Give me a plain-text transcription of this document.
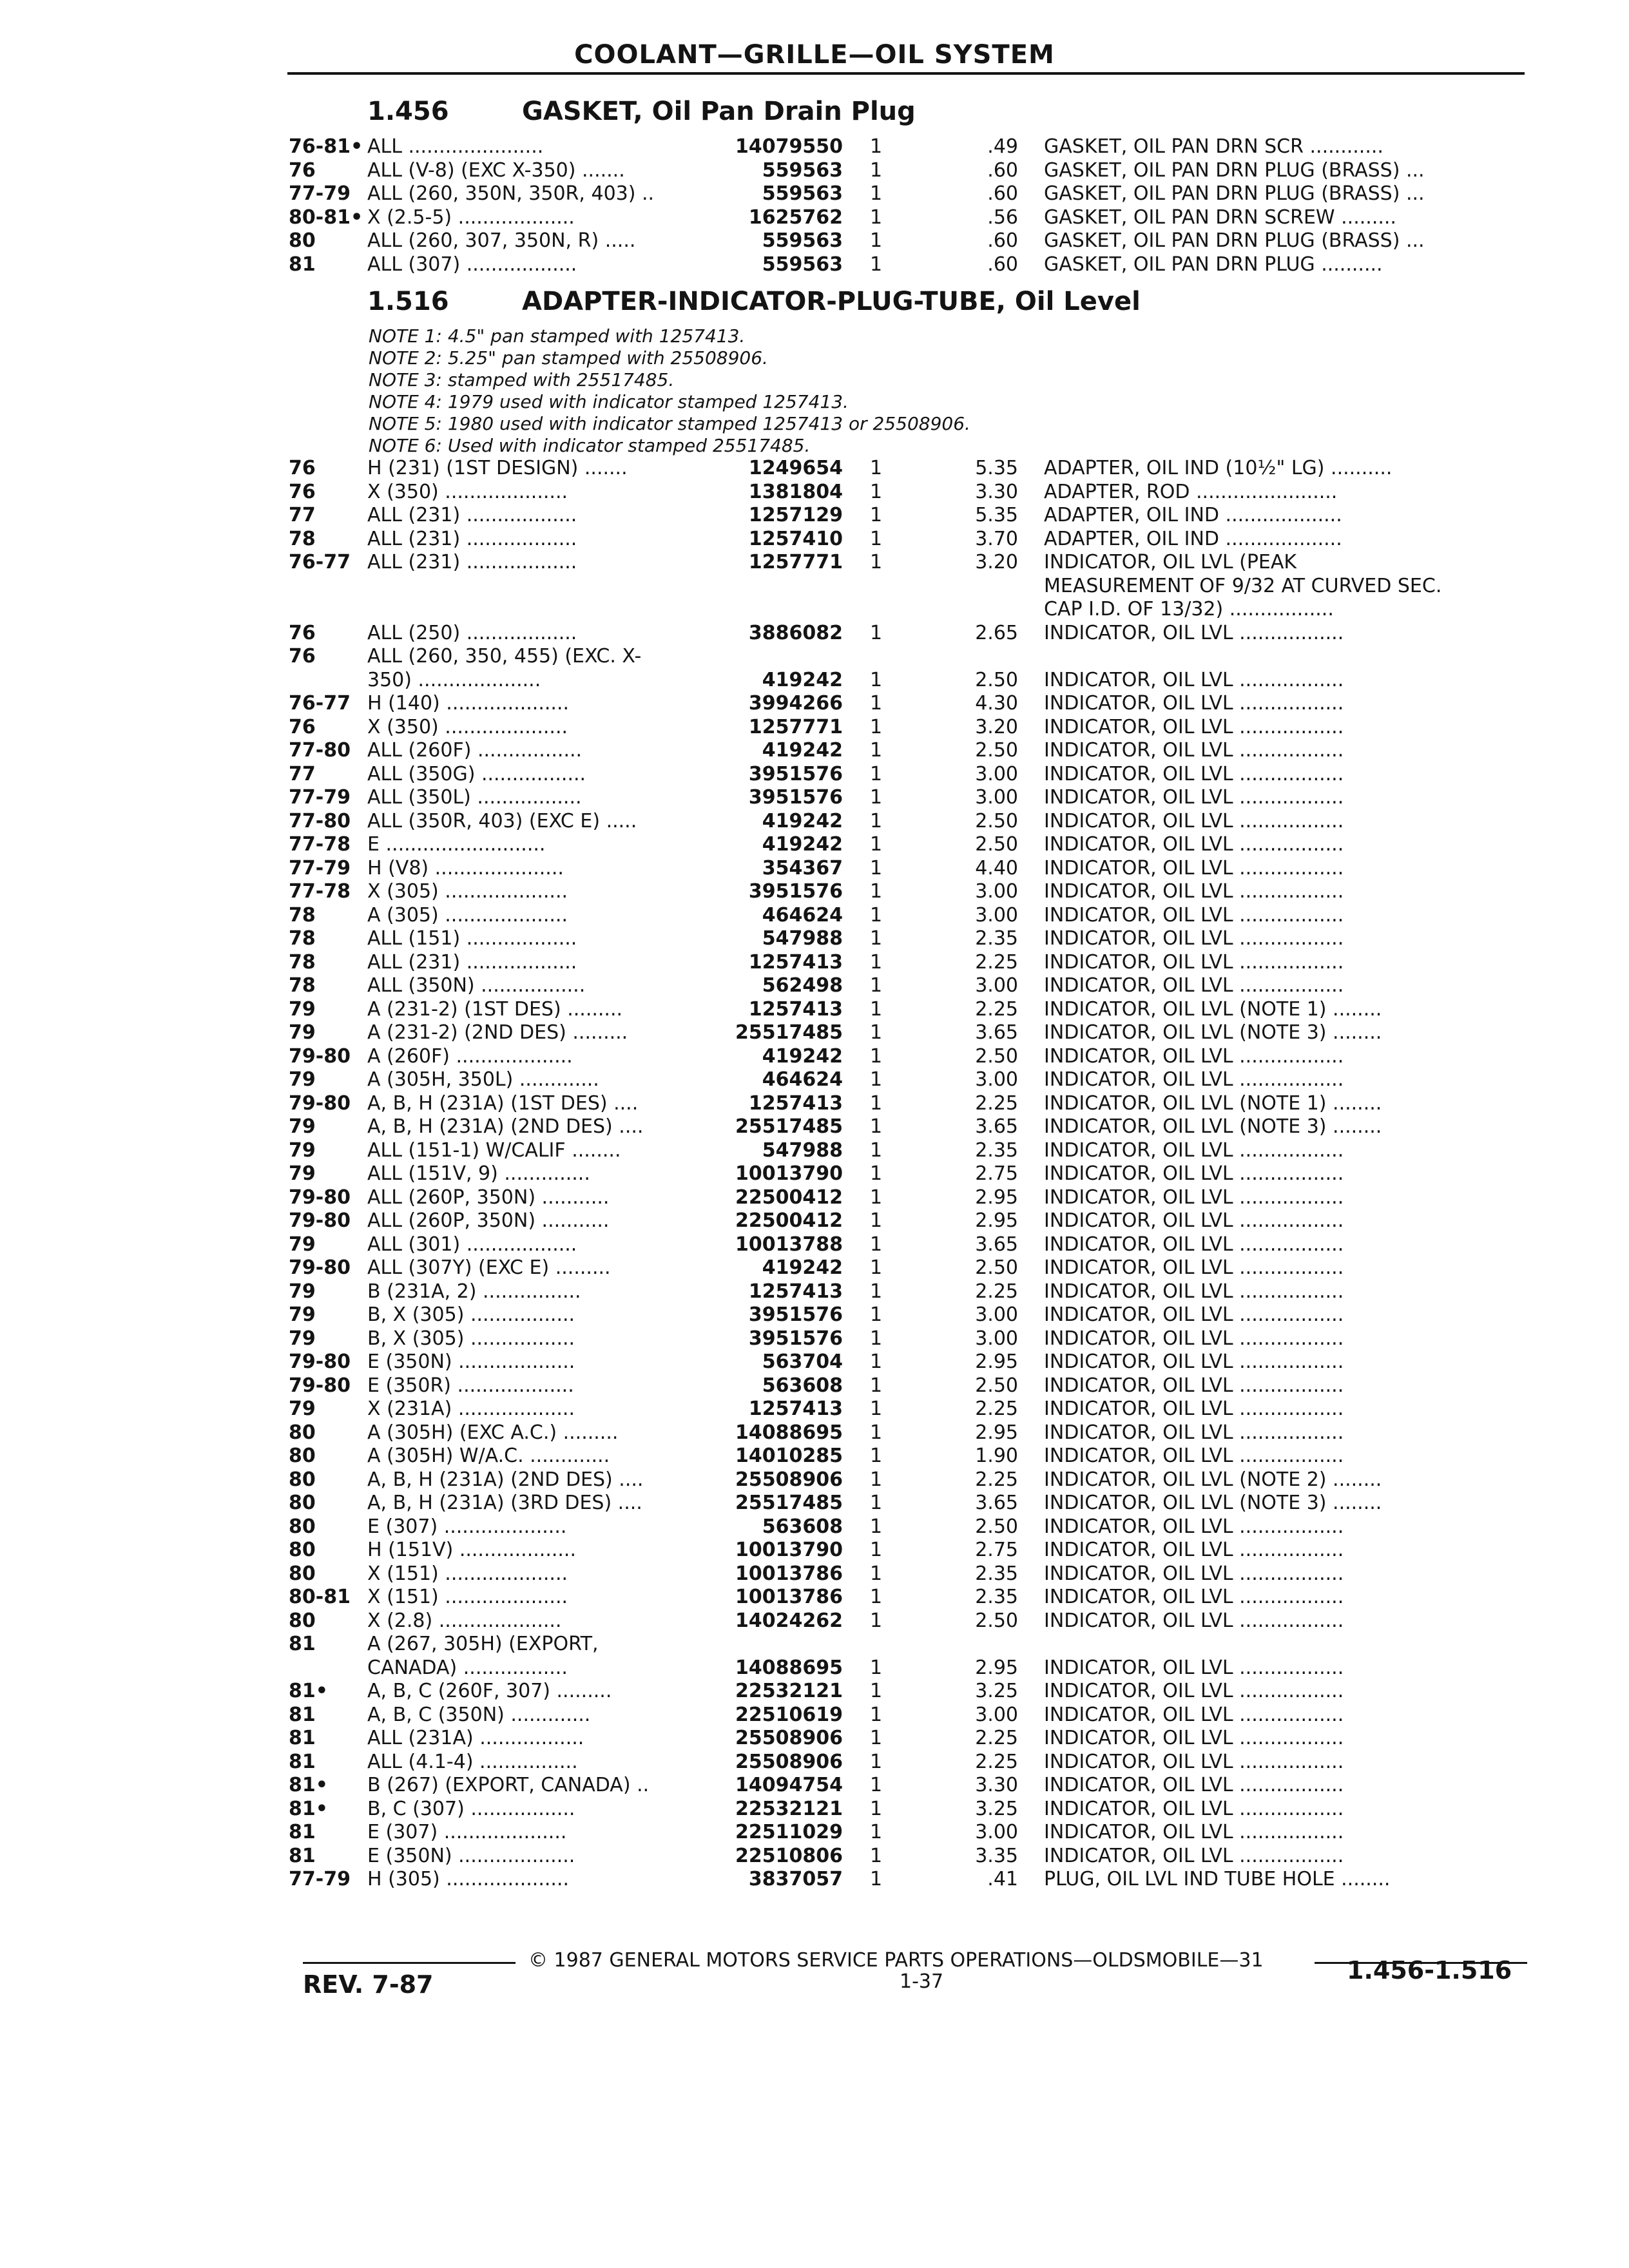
COOLANT—GRILLE—OIL SYSTEM
1.456	GASKET, Oil Pan Drain Plug
76-81• ALL ......................	14079550 1	.49 GASKET, OIL PAN DRN SCR ............
76	ALL (V-8) (EXC X-350) .......	559563 1	.60 GASKET, OIL PAN DRN PLUG (BRASS) ...
77-79 ALL (260, 350N, 350R, 403) ..	559563 1	.60 GASKET, OIL PAN DRN PLUG (BRASS) ...
80-81• X (2.5-5) ...................	1625762 1	.56 GASKET, OIL PAN DRN SCREW .........
80	ALL (260, 307, 350N, R) .....	559563 1	.60 GASKET, OIL PAN DRN PLUG (BRASS) ...
81	ALL (307) ..................	559563 1	.60 GASKET, OIL PAN DRN PLUG ..........
1.516	ADAPTER-INDICATOR-PLUG-TUBE, Oil Level
NOTE 1: 4.5" pan stamped with 1257413.
NOTE 2: 5.25" pan stamped with 25508906.
NOTE 3: stamped with 25517485.
NOTE 4: 1979 used with indicator stamped 1257413.
NOTE 5: 1980 used with indicator stamped 1257413 or 25508906.
NOTE 6: Used with indicator stamped 25517485.
76	H (231) (1ST DESIGN) .......	1249654 1	5.35 ADAPTER, OIL IND (10½" LG) ..........
76	X (350) ....................	1381804 1	3.30 ADAPTER, ROD .......................
77	ALL (231) ..................	1257129 1	5.35 ADAPTER, OIL IND ...................
78	ALL (231) ..................	1257410 1	3.70 ADAPTER, OIL IND ...................
76-77 ALL (231) ..................	1257771 1	3.20 INDICATOR, OIL LVL (PEAK
MEASUREMENT OF 9/32 AT CURVED SEC.
CAP I.D. OF 13/32) .................
76	ALL (250) ..................	3886082 1	2.65 INDICATOR, OIL LVL .................
76	ALL (260, 350, 455) (EXC. X-
350) ....................	419242 1	2.50 INDICATOR, OIL LVL .................
76-77 H (140) ....................	3994266 1	4.30 INDICATOR, OIL LVL .................
76	X (350) ....................	1257771 1	3.20 INDICATOR, OIL LVL .................
77-80 ALL (260F) .................	419242 1	2.50 INDICATOR, OIL LVL .................
77	ALL (350G) .................	3951576 1	3.00 INDICATOR, OIL LVL .................
77-79 ALL (350L) .................	3951576 1	3.00 INDICATOR, OIL LVL .................
77-80 ALL (350R, 403) (EXC E) .....	419242 1	2.50 INDICATOR, OIL LVL .................
77-78 E ..........................	419242 1	2.50 INDICATOR, OIL LVL .................
77-79 H (V8) .....................	354367 1	4.40 INDICATOR, OIL LVL .................
77-78 X (305) ....................	3951576 1	3.00 INDICATOR, OIL LVL .................
78	A (305) ....................	464624 1	3.00 INDICATOR, OIL LVL .................
78	ALL (151) ..................	547988 1	2.35 INDICATOR, OIL LVL .................
78	ALL (231) ..................	1257413 1	2.25 INDICATOR, OIL LVL .................
78	ALL (350N) .................	562498 1	3.00 INDICATOR, OIL LVL .................
79	A (231-2) (1ST DES) .........	1257413 1	2.25 INDICATOR, OIL LVL (NOTE 1) ........
79	A (231-2) (2ND DES) .........	25517485 1	3.65 INDICATOR, OIL LVL (NOTE 3) ........
79-80 A (260F) ...................	419242 1	2.50 INDICATOR, OIL LVL .................
79	A (305H, 350L) .............	464624 1	3.00 INDICATOR, OIL LVL .................
79-80 A, B, H (231A) (1ST DES) ....	1257413 1	2.25 INDICATOR, OIL LVL (NOTE 1) ........
79	A, B, H (231A) (2ND DES) ....	25517485 1	3.65 INDICATOR, OIL LVL (NOTE 3) ........
79	ALL (151-1) W/CALIF ........	547988 1	2.35 INDICATOR, OIL LVL .................
79	ALL (151V, 9) ..............	10013790 1	2.75 INDICATOR, OIL LVL .................
79-80 ALL (260P, 350N) ...........	22500412 1	2.95 INDICATOR, OIL LVL .................
79-80 ALL (260P, 350N) ...........	22500412 1	2.95 INDICATOR, OIL LVL .................
79	ALL (301) ..................	10013788 1	3.65 INDICATOR, OIL LVL .................
79-80 ALL (307Y) (EXC E) .........	419242 1	2.50 INDICATOR, OIL LVL .................
79	B (231A, 2) ................	1257413 1	2.25 INDICATOR, OIL LVL .................
79	B, X (305) .................	3951576 1	3.00 INDICATOR, OIL LVL .................
79	B, X (305) .................	3951576 1	3.00 INDICATOR, OIL LVL .................
79-80 E (350N) ...................	563704 1	2.95 INDICATOR, OIL LVL .................
79-80 E (350R) ...................	563608 1	2.50 INDICATOR, OIL LVL .................
79	X (231A) ...................	1257413 1	2.25 INDICATOR, OIL LVL .................
80	A (305H) (EXC A.C.) .........	14088695 1	2.95 INDICATOR, OIL LVL .................
80	A (305H) W/A.C. .............	14010285 1	1.90 INDICATOR, OIL LVL .................
80	A, B, H (231A) (2ND DES) ....	25508906 1	2.25 INDICATOR, OIL LVL (NOTE 2) ........
80	A, B, H (231A) (3RD DES) ....	25517485 1	3.65 INDICATOR, OIL LVL (NOTE 3) ........
80	E (307) ....................	563608 1	2.50 INDICATOR, OIL LVL .................
80	H (151V) ...................	10013790 1	2.75 INDICATOR, OIL LVL .................
80	X (151) ....................	10013786 1	2.35 INDICATOR, OIL LVL .................
80-81 X (151) ....................	10013786 1	2.35 INDICATOR, OIL LVL .................
80	X (2.8) ....................	14024262 1	2.50 INDICATOR, OIL LVL .................
81	A (267, 305H) (EXPORT,
CANADA) .................	14088695 1	2.95 INDICATOR, OIL LVL .................
81• A, B, C (260F, 307) .........	22532121 1	3.25 INDICATOR, OIL LVL .................
81	A, B, C (350N) .............	22510619 1	3.00 INDICATOR, OIL LVL .................
81	ALL (231A) .................	25508906 1	2.25 INDICATOR, OIL LVL .................
81	ALL (4.1-4) ................	25508906 1	2.25 INDICATOR, OIL LVL .................
81• B (267) (EXPORT, CANADA) ..	14094754 1	3.30 INDICATOR, OIL LVL .................
81• B, C (307) .................	22532121 1	3.25 INDICATOR, OIL LVL .................
81	E (307) ....................	22511029 1	3.00 INDICATOR, OIL LVL .................
81	E (350N) ...................	22510806 1	3.35 INDICATOR, OIL LVL .................
77-79 H (305) ....................	3837057 1	.41 PLUG, OIL LVL IND TUBE HOLE ........
© 1987 GENERAL MOTORS SERVICE PARTS OPERATIONS—OLDSMOBILE—31
REV. 7-87	1-37	1.456-1.516
